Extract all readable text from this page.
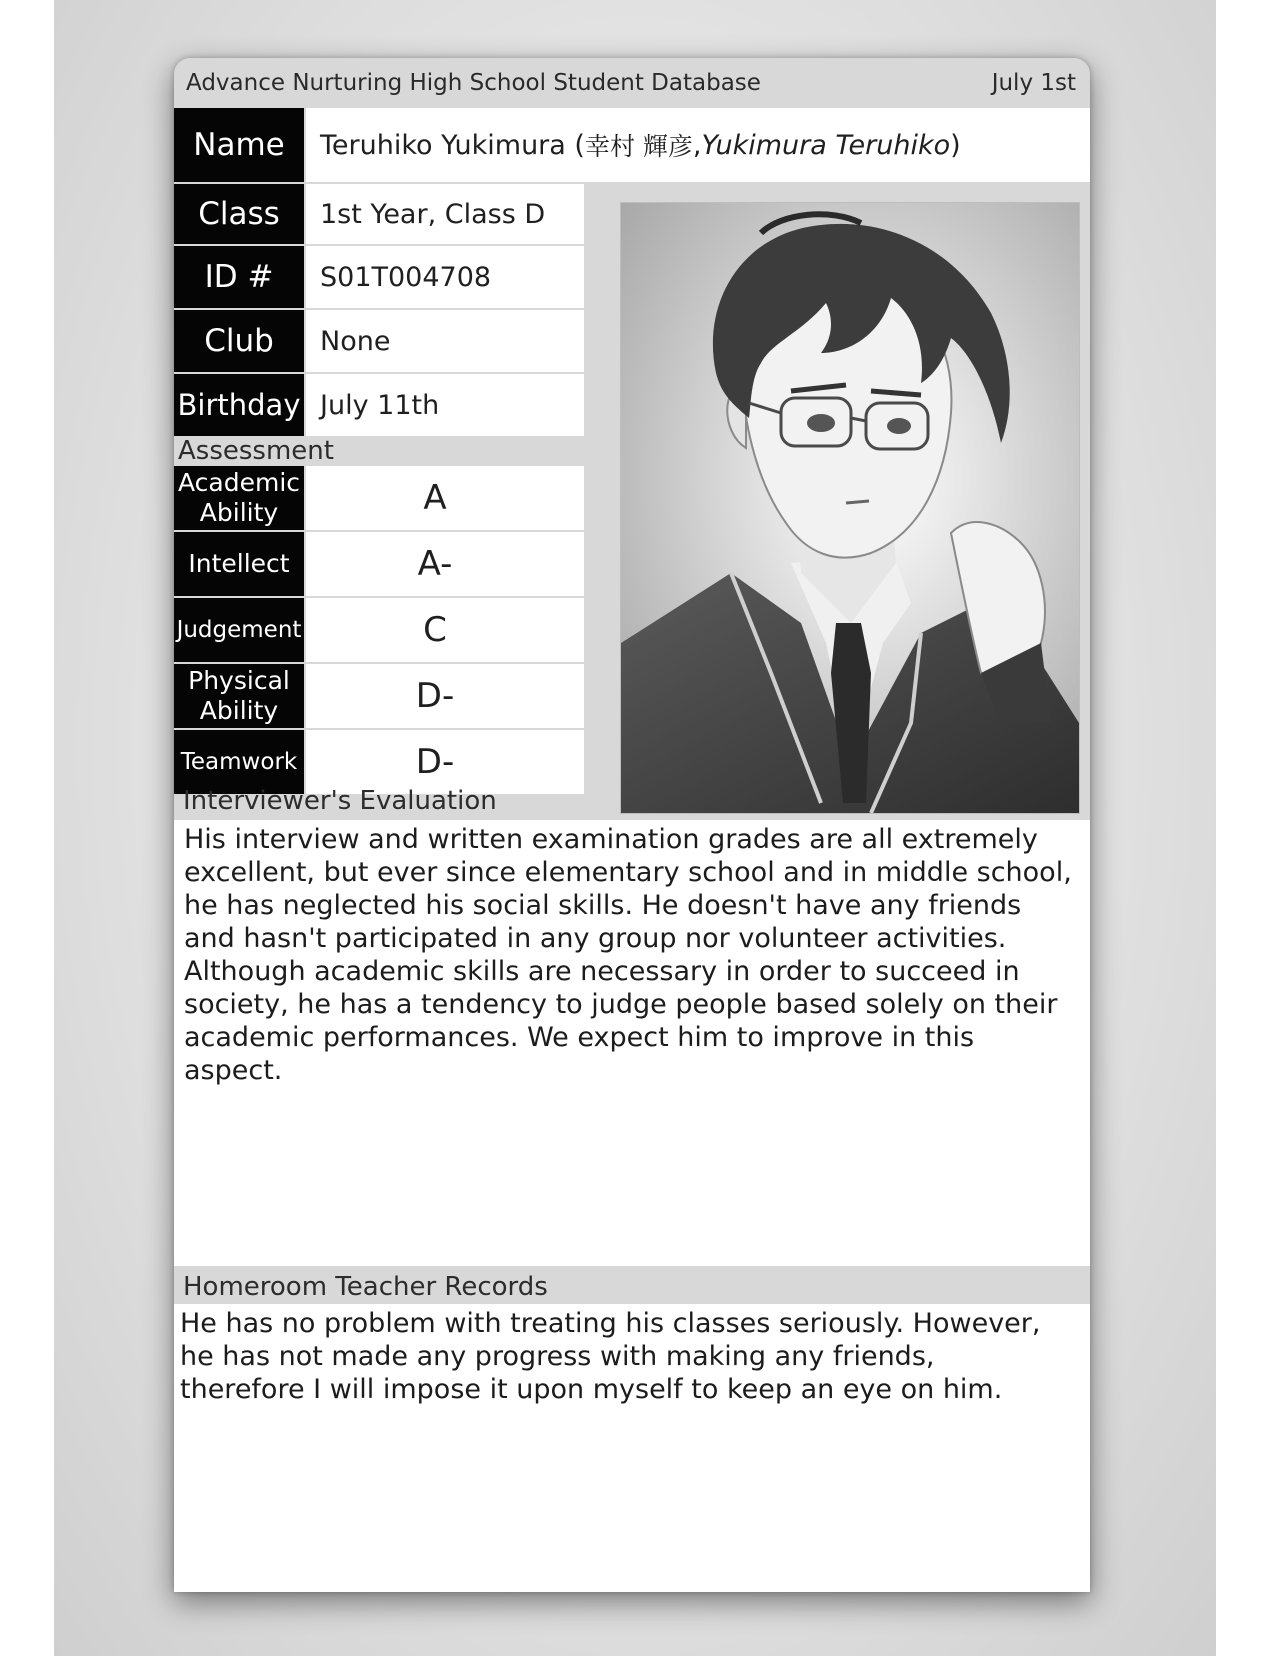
Advance Nurturing High School Student Database	July 1st
Name	Teruhiko Yukimura ( 幸村 輝彦 , Yukimura Teruhiko )
Class	1st Year, Class D
ID #	S01T004708
Club	None
Birthday July 11th
Assessment
Academic Ability	A
Intellect	A-
Judgement	C
Physical Ability	D-
Teamwork	D-
Interviewer's Evaluation
His interview and written examination grades are all extremely excellent, but ever since elementary school and in middle school, he has neglected his social skills. He doesn't have any friends and hasn't participated in any group nor volunteer activities. Although academic skills are necessary in order to succeed in society, he has a tendency to judge people based solely on their academic performances. We expect him to improve in this aspect.
Homeroom Teacher Records
He has no problem with treating his classes seriously. However, he has not made any progress with making any friends, therefore I will impose it upon myself to keep an eye on him.
